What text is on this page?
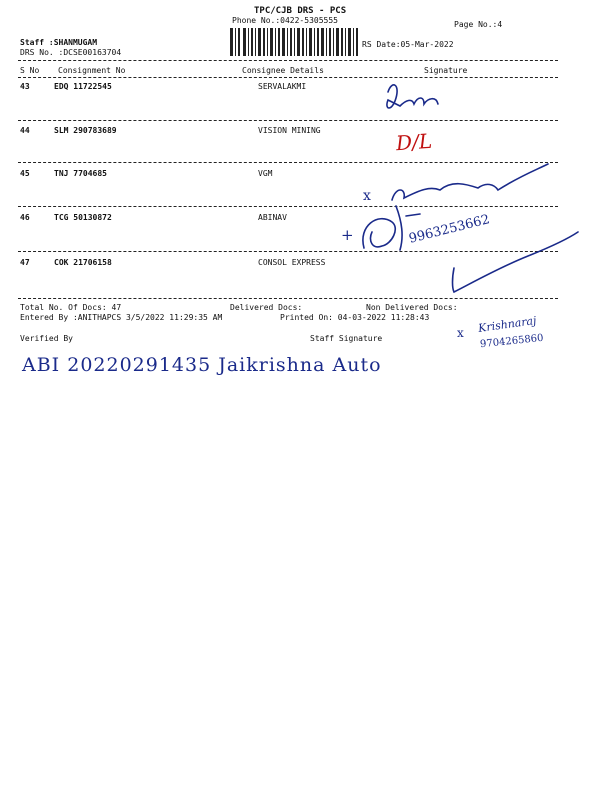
TPC/CJB DRS - PCS
Phone No.:0422-5305555	Page No.:4
Staff :SHANMUGAM
DRS No. :DCSE00163704
RS Date:05-Mar-2022
S No Consignment No	Consignee Details	Signature
43	EDQ 11722545	SERVALAKMI
44	SLM 290783689	VISION MINING
45	TNJ 7704685	VGM
46	TCG 50130872	ABINAV
47	COK 21706158	CONSOL EXPRESS
Total No. Of Docs: 47	Delivered Docs:	Non Delivered Docs:
Entered By :ANITHAPCS 3/5/2022 11:29:35 AM	Printed On: 04-03-2022 11:28:43
Verified By	Staff Signature
D/L
x
+	9963253662
x Krishnaraj
9704265860
ABI 20220291435 Jaikrishna Auto
